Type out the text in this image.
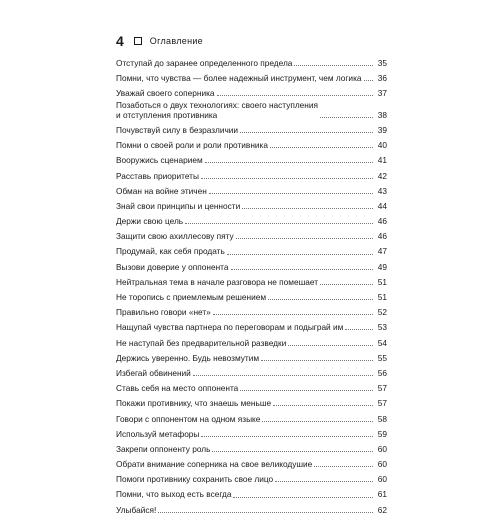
4	Оглавление
Отступай до заранее определенного предела	35
Помни, что чувства — более надежный инструмент, чем логика	36
Уважай своего соперника	37
Позаботься о двух технологиях: своего наступления
и отступления противника	38
Почувствуй силу в безразличии	39
Помни о своей роли и роли противника	40
Вооружись сценарием	41
Расставь приоритеты	42
Обман на войне этичен	43
Знай свои принципы и ценности	44
Держи свою цель	46
Защити свою ахиллесову пяту	46
Продумай, как себя продать	47
Вызови доверие у оппонента	49
Нейтральная тема в начале разговора не помешает	51
Не торопись с приемлемым решением	51
Правильно говори «нет»	52
Нащупай чувства партнера по переговорам и подыграй им	53
Не наступай без предварительной разведки	54
Держись уверенно. Будь невозмутим	55
Избегай обвинений	56
Ставь себя на место оппонента	57
Покажи противнику, что знаешь меньше	57
Говори с оппонентом на одном языке	58
Используй метафоры	59
Закрепи оппоненту роль	60
Обрати внимание соперника на свое великодушие	60
Помоги противнику сохранить свое лицо	60
Помни, что выход есть всегда	61
Улыбайся!	62
